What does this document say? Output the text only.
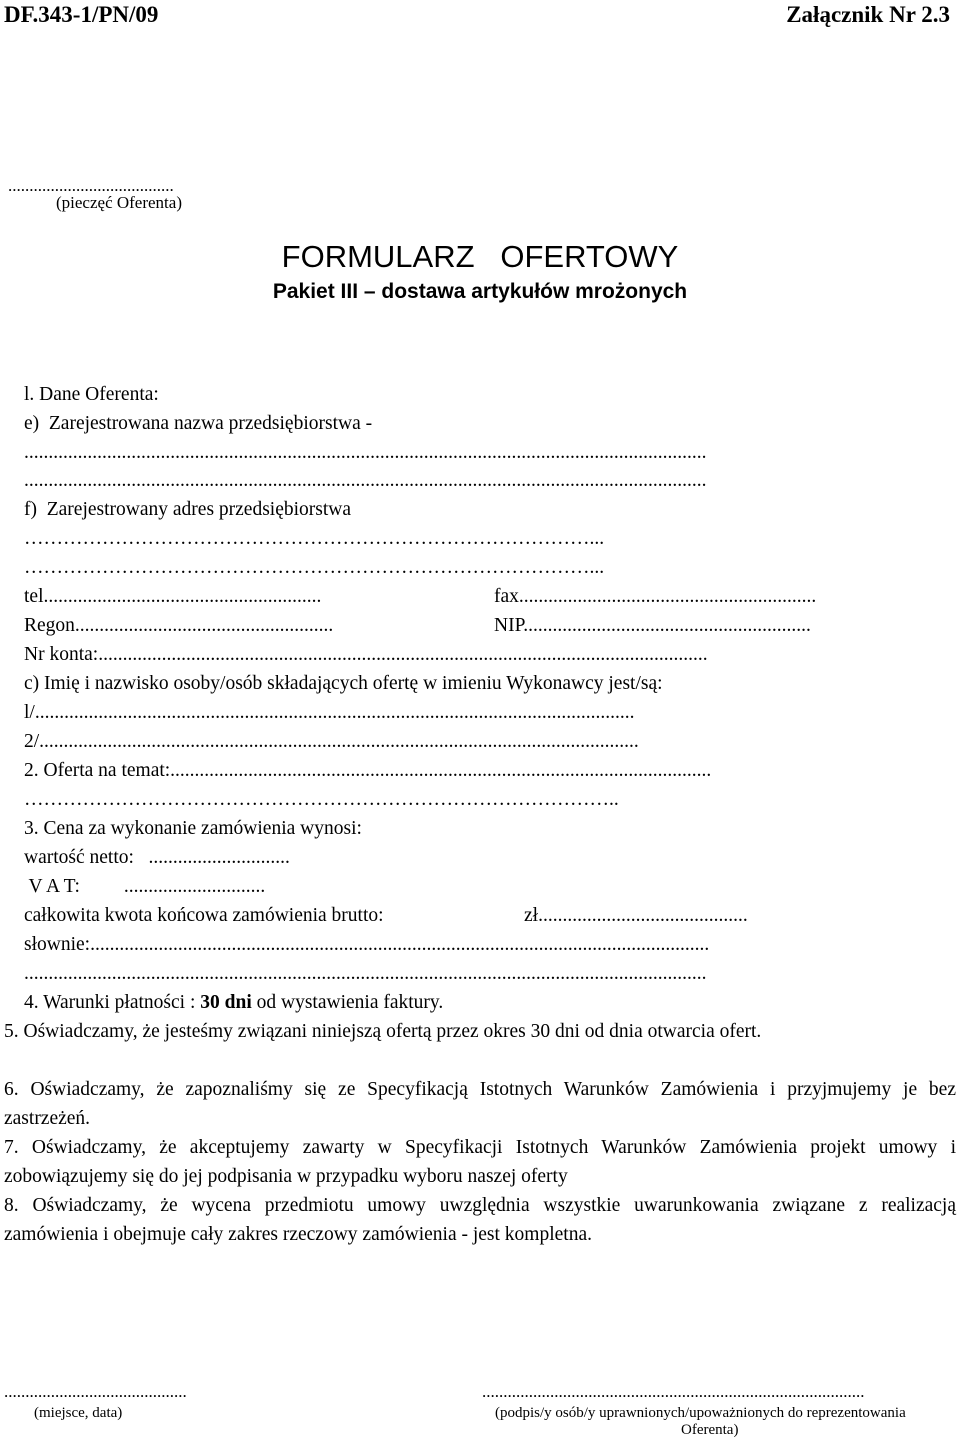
DF.343-1/PN/09	Załącznik Nr 2.3
.......................................
(pieczęć Oferenta)
FORMULARZ   OFERTOWY
Pakiet III – dostawa artykułów mrożonych
l. Dane Oferenta:
e)  Zarejestrowana nazwa przedsiębiorstwa -
............................................................................................................................................
............................................................................................................................................
f)  Zarejestrowany adres przedsiębiorstwa
……………………………………………………………………………...
……………………………………………………………………………...
tel.........................................................	fax.............................................................
Regon.....................................................	NIP...........................................................
Nr konta:.............................................................................................................................
c) Imię i nazwisko osoby/osób składających ofertę w imieniu Wykonawcy jest/są:
l/...........................................................................................................................
2/...........................................................................................................................
2. Oferta na temat:...............................................................................................................
………………………………………………………………………………..
3. Cena za wykonanie zamówienia wynosi:
wartość netto:   .............................
V A T:         .............................
całkowita kwota końcowa zamówienia brutto:	zł...........................................
słownie:...............................................................................................................................
............................................................................................................................................
4. Warunki płatności : 30 dni od wystawienia faktury.
5. Oświadczamy, że jesteśmy związani niniejszą ofertą przez okres 30 dni od dnia otwarcia ofert.
6. Oświadczamy, że zapoznaliśmy się ze Specyfikacją Istotnych Warunków Zamówienia i przyjmujemy je bez zastrzeżeń.
7. Oświadczamy, że akceptujemy zawarty w Specyfikacji Istotnych Warunków Zamówienia projekt umowy i zobowiązujemy się do jej podpisania w przypadku wyboru naszej oferty
8. Oświadczamy, że wycena przedmiotu umowy uwzględnia wszystkie uwarunkowania związane z realizacją zamówienia i obejmuje cały zakres rzeczowy zamówienia - jest kompletna.
...........................................
(miejsce, data)
..........................................................................................
(podpis/y osób/y uprawnionych/upoważnionych do reprezentowania
Oferenta)
